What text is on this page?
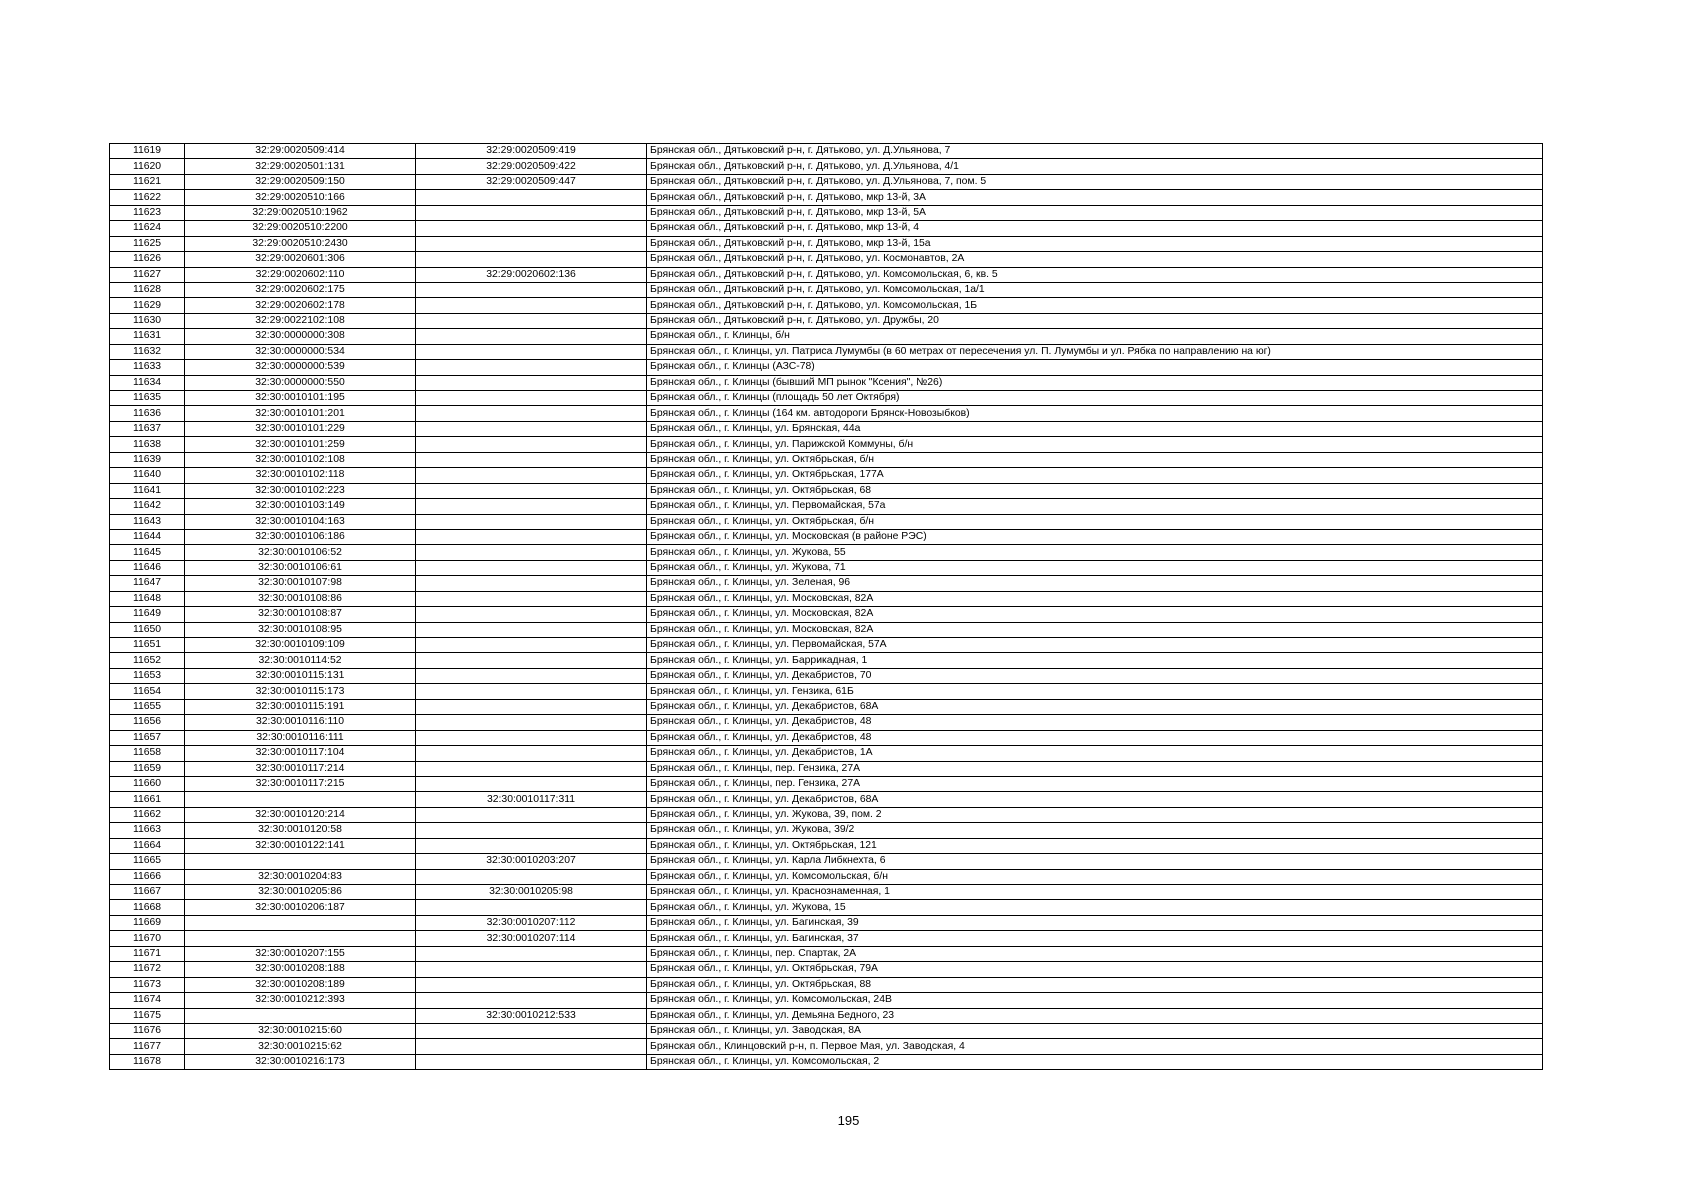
11619	32:29:0020509:414	32:29:0020509:419	Брянская обл., Дятьковский р-н, г. Дятьково, ул. Д.Ульянова, 7
11620	32:29:0020501:131	32:29:0020509:422	Брянская обл., Дятьковский р-н, г. Дятьково, ул. Д.Ульянова, 4/1
11621	32:29:0020509:150	32:29:0020509:447	Брянская обл., Дятьковский р-н, г. Дятьково, ул. Д.Ульянова, 7, пом. 5
11622	32:29:0020510:166		Брянская обл., Дятьковский р-н, г. Дятьково, мкр 13-й, 3А
11623	32:29:0020510:1962		Брянская обл., Дятьковский р-н, г. Дятьково, мкр 13-й, 5А
11624	32:29:0020510:2200		Брянская обл., Дятьковский р-н, г. Дятьково, мкр 13-й, 4
11625	32:29:0020510:2430		Брянская обл., Дятьковский р-н, г. Дятьково, мкр 13-й, 15а
11626	32:29:0020601:306		Брянская обл., Дятьковский р-н, г. Дятьково, ул. Космонавтов, 2А
11627	32:29:0020602:110	32:29:0020602:136	Брянская обл., Дятьковский р-н, г. Дятьково, ул. Комсомольская, 6, кв. 5
11628	32:29:0020602:175		Брянская обл., Дятьковский р-н, г. Дятьково, ул. Комсомольская, 1а/1
11629	32:29:0020602:178		Брянская обл., Дятьковский р-н, г. Дятьково, ул. Комсомольская, 1Б
11630	32:29:0022102:108		Брянская обл., Дятьковский р-н, г. Дятьково, ул. Дружбы, 20
11631	32:30:0000000:308		Брянская обл., г. Клинцы, б/н
11632	32:30:0000000:534		Брянская обл., г. Клинцы, ул. Патриса Лумумбы (в 60 метрах от пересечения ул. П. Лумумбы и ул. Рябка по направлению на юг)
11633	32:30:0000000:539		Брянская обл., г. Клинцы (АЗС-78)
11634	32:30:0000000:550		Брянская обл., г. Клинцы (бывший МП рынок "Ксения", №26)
11635	32:30:0010101:195		Брянская обл., г. Клинцы (площадь 50 лет Октября)
11636	32:30:0010101:201		Брянская обл., г. Клинцы (164 км. автодороги Брянск-Новозыбков)
11637	32:30:0010101:229		Брянская обл., г. Клинцы, ул. Брянская, 44а
11638	32:30:0010101:259		Брянская обл., г. Клинцы, ул. Парижской Коммуны, б/н
11639	32:30:0010102:108		Брянская обл., г. Клинцы, ул. Октябрьская, б/н
11640	32:30:0010102:118		Брянская обл., г. Клинцы, ул. Октябрьская, 177А
11641	32:30:0010102:223		Брянская обл., г. Клинцы, ул. Октябрьская, 68
11642	32:30:0010103:149		Брянская обл., г. Клинцы, ул. Первомайская, 57а
11643	32:30:0010104:163		Брянская обл., г. Клинцы, ул. Октябрьская, б/н
11644	32:30:0010106:186		Брянская обл., г. Клинцы, ул. Московская (в районе РЭС)
11645	32:30:0010106:52		Брянская обл., г. Клинцы, ул. Жукова, 55
11646	32:30:0010106:61		Брянская обл., г. Клинцы, ул. Жукова, 71
11647	32:30:0010107:98		Брянская обл., г. Клинцы, ул. Зеленая, 96
11648	32:30:0010108:86		Брянская обл., г. Клинцы, ул. Московская, 82А
11649	32:30:0010108:87		Брянская обл., г. Клинцы, ул. Московская, 82А
11650	32:30:0010108:95		Брянская обл., г. Клинцы, ул. Московская, 82А
11651	32:30:0010109:109		Брянская обл., г. Клинцы, ул. Первомайская, 57А
11652	32:30:0010114:52		Брянская обл., г. Клинцы, ул. Баррикадная, 1
11653	32:30:0010115:131		Брянская обл., г. Клинцы, ул. Декабристов, 70
11654	32:30:0010115:173		Брянская обл., г. Клинцы, ул. Гензика, 61Б
11655	32:30:0010115:191		Брянская обл., г. Клинцы, ул. Декабристов, 68А
11656	32:30:0010116:110		Брянская обл., г. Клинцы, ул. Декабристов, 48
11657	32:30:0010116:111		Брянская обл., г. Клинцы, ул. Декабристов, 48
11658	32:30:0010117:104		Брянская обл., г. Клинцы, ул. Декабристов, 1А
11659	32:30:0010117:214		Брянская обл., г. Клинцы, пер. Гензика, 27А
11660	32:30:0010117:215		Брянская обл., г. Клинцы, пер. Гензика, 27А
11661		32:30:0010117:311	Брянская обл., г. Клинцы, ул. Декабристов, 68А
11662	32:30:0010120:214		Брянская обл., г. Клинцы, ул. Жукова, 39, пом. 2
11663	32:30:0010120:58		Брянская обл., г. Клинцы, ул. Жукова, 39/2
11664	32:30:0010122:141		Брянская обл., г. Клинцы, ул. Октябрьская, 121
11665		32:30:0010203:207	Брянская обл., г. Клинцы, ул. Карла Либкнехта, 6
11666	32:30:0010204:83		Брянская обл., г. Клинцы, ул. Комсомольская, б/н
11667	32:30:0010205:86	32:30:0010205:98	Брянская обл., г. Клинцы, ул. Краснознаменная, 1
11668	32:30:0010206:187		Брянская обл., г. Клинцы, ул. Жукова, 15
11669		32:30:0010207:112	Брянская обл., г. Клинцы, ул. Багинская, 39
11670		32:30:0010207:114	Брянская обл., г. Клинцы, ул. Багинская, 37
11671	32:30:0010207:155		Брянская обл., г. Клинцы, пер. Спартак, 2А
11672	32:30:0010208:188		Брянская обл., г. Клинцы, ул. Октябрьская, 79А
11673	32:30:0010208:189		Брянская обл., г. Клинцы, ул. Октябрьская, 88
11674	32:30:0010212:393		Брянская обл., г. Клинцы, ул. Комсомольская, 24В
11675		32:30:0010212:533	Брянская обл., г. Клинцы, ул. Демьяна Бедного, 23
11676	32:30:0010215:60		Брянская обл., г. Клинцы, ул. Заводская, 8А
11677	32:30:0010215:62		Брянская обл., Клинцовский р-н, п. Первое Мая, ул. Заводская, 4
11678	32:30:0010216:173		Брянская обл., г. Клинцы, ул. Комсомольская, 2
195
